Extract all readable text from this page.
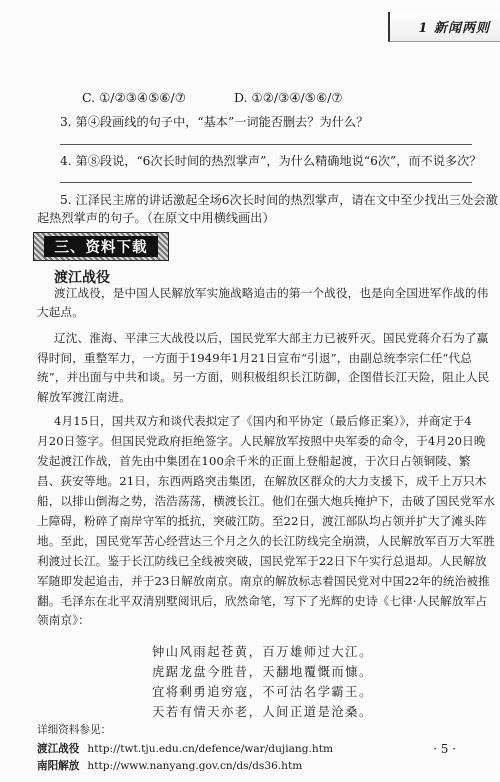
1 新闻两则
C. ①/②③④⑤⑥/⑦	D. ①②/③④/⑤⑥/⑦
3. 第④段画线的句子中，“基本”一词能否删去？为什么？
4. 第⑧段说，“6次长时间的热烈掌声”，为什么精确地说“6次”，而不说多次？
5. 江泽民主席的讲话激起全场6次长时间的热烈掌声，请在文中至少找出三处会激
起热烈掌声的句子。（在原文中用横线画出）
三、资料下载
渡江战役
渡江战役，是中国人民解放军实施战略追击的第一个战役，也是向全国进军作战的伟
大起点。
辽沈、淮海、平津三大战役以后，国民党军大部主力已被歼灭。国民党蒋介石为了赢
得时间，重整军力，一方面于1949年1月21日宣布“引退”，由副总统李宗仁任“代总
统”，并出面与中共和谈。另一方面，则积极组织长江防御，企图借长江天险，阻止人民
解放军渡江南进。
4月15日，国共双方和谈代表拟定了《国内和平协定（最后修正案）》，并商定于4
月20日签字。但国民党政府拒绝签字。人民解放军按照中央军委的命令，于4月20日晚
发起渡江作战，首先由中集团在100余千米的正面上登船起渡，于次日占领铜陵、繁
昌、荻安等地。21日，东西两路突击集团，在解放区群众的大力支援下，成千上万只木
船，以排山倒海之势，浩浩荡荡，横渡长江。他们在强大炮兵掩护下，击破了国民党军水
上障碍，粉碎了南岸守军的抵抗，突破江防。至22日，渡江部队均占领并扩大了滩头阵
地。至此，国民党军苦心经营达三个月之久的长江防线完全崩溃，人民解放军百万大军胜
利渡过长江。鉴于长江防线已全线被突破，国民党军于22日下午实行总退却。人民解放
军随即发起追击，并于23日解放南京。南京的解放标志着国民党对中国22年的统治被推
翻。毛泽东在北平双清别墅阅讯后，欣然命笔，写下了光辉的史诗《七律·人民解放军占
领南京》：
钟山风雨起苍黄，百万雄师过大江。
虎踞龙盘今胜昔，天翻地覆慨而慷。
宜将剩勇追穷寇，不可沽名学霸王。
天若有情天亦老，人间正道是沧桑。
详细资料参见：
渡江战役 http://twt.tju.edu.cn/defence/war/dujiang.htm
南阳解放 http://www.nanyang.gov.cn/ds/ds36.htm
· 5 ·
